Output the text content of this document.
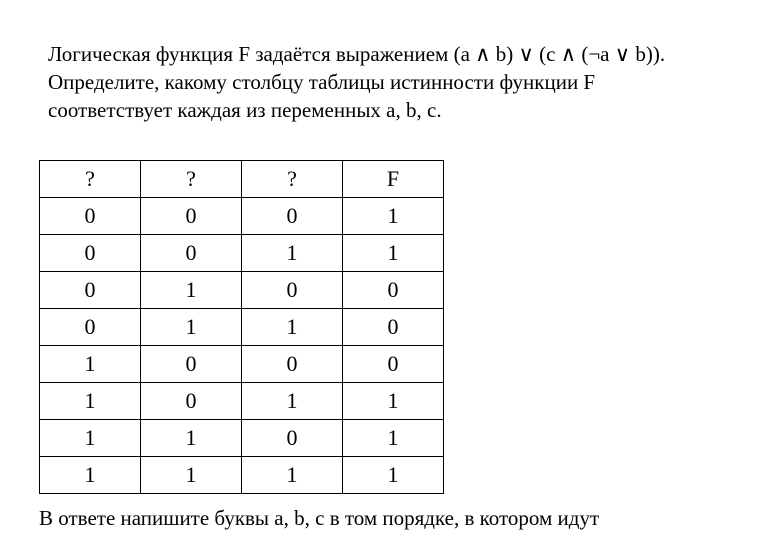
Логическая функция F задаётся выражением (a ∧ b) ∨ (c ∧ (¬a ∨ b)).
Определите, какому столбцу таблицы истинности функции F
соответствует каждая из переменных a, b, c.
?	?	?	F
0	0	0	1
0	0	1	1
0	1	0	0
0	1	1	0
1	0	0	0
1	0	1	1
1	1	0	1
1	1	1	1
В ответе напишите буквы a, b, c в том порядке, в котором идут
